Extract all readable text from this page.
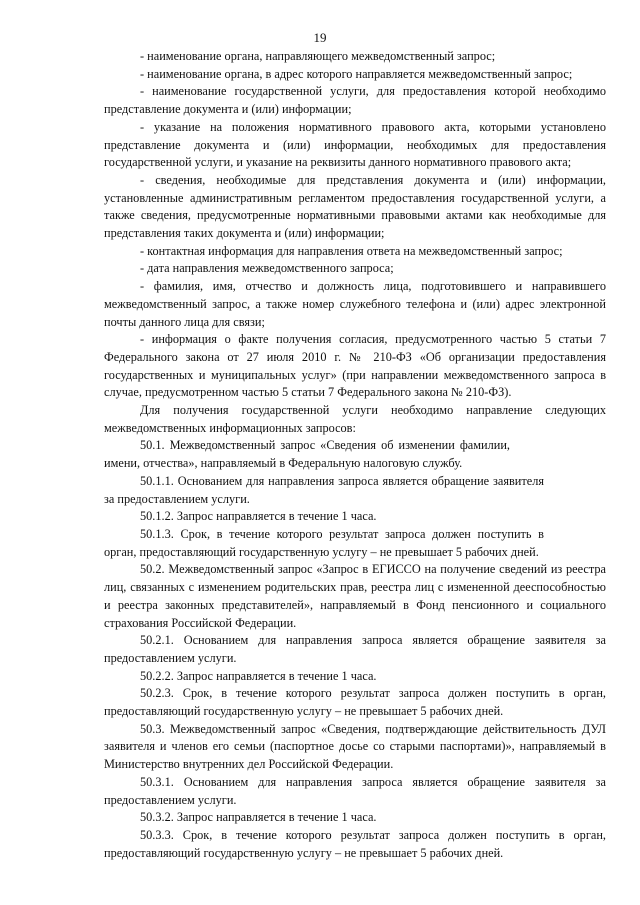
19

- наименование органа, направляющего межведомственный запрос;

- наименование органа, в адрес которого направляется межведомственный запрос;

- наименование государственной услуги, для предоставления которой необходимо представление документа и (или) информации;

- указание на положения нормативного правового акта, которыми установлено представление документа и (или) информации, необходимых для предоставления государственной услуги, и указание на реквизиты данного нормативного правового акта;

- сведения, необходимые для представления документа и (или) информации, установленные административным регламентом предоставления государственной услуги, а также сведения, предусмотренные нормативными правовыми актами как необходимые для представления таких документа и (или) информации;

- контактная информация для направления ответа на межведомственный запрос;

- дата направления межведомственного запроса;

- фамилия, имя, отчество и должность лица, подготовившего и направившего межведомственный запрос, а также номер служебного телефона и (или) адрес электронной почты данного лица для связи;

- информация о факте получения согласия, предусмотренного частью 5 статьи 7 Федерального закона от 27 июля 2010 г. № 210-ФЗ «Об организации предоставления государственных и муниципальных услуг» (при направлении межведомственного запроса в случае, предусмотренном частью 5 статьи 7 Федерального закона № 210-ФЗ).

Для получения государственной услуги необходимо направление следующих межведомственных информационных запросов:

50.1. Межведомственный запрос «Сведения об изменении фамилии, имени, отчества», направляемый в Федеральную налоговую службу.

50.1.1. Основанием для направления запроса является обращение заявителя за предоставлением услуги.

50.1.2. Запрос направляется в течение 1 часа.

50.1.3. Срок, в течение которого результат запроса должен поступить в орган, предоставляющий государственную услугу – не превышает 5 рабочих дней.

50.2. Межведомственный запрос «Запрос в ЕГИССО на получение сведений из реестра лиц, связанных с изменением родительских прав, реестра лиц с измененной дееспособностью и реестра законных представителей», направляемый в Фонд пенсионного и социального страхования Российской Федерации.

50.2.1. Основанием для направления запроса является обращение заявителя за предоставлением услуги.

50.2.2. Запрос направляется в течение 1 часа.

50.2.3. Срок, в течение которого результат запроса должен поступить в орган, предоставляющий государственную услугу – не превышает 5 рабочих дней.

50.3. Межведомственный запрос «Сведения, подтверждающие действительность ДУЛ заявителя и членов его семьи (паспортное досье со старыми паспортами)», направляемый в Министерство внутренних дел Российской Федерации.

50.3.1. Основанием для направления запроса является обращение заявителя за предоставлением услуги.

50.3.2. Запрос направляется в течение 1 часа.

50.3.3. Срок, в течение которого результат запроса должен поступить в орган, предоставляющий государственную услугу – не превышает 5 рабочих дней.
